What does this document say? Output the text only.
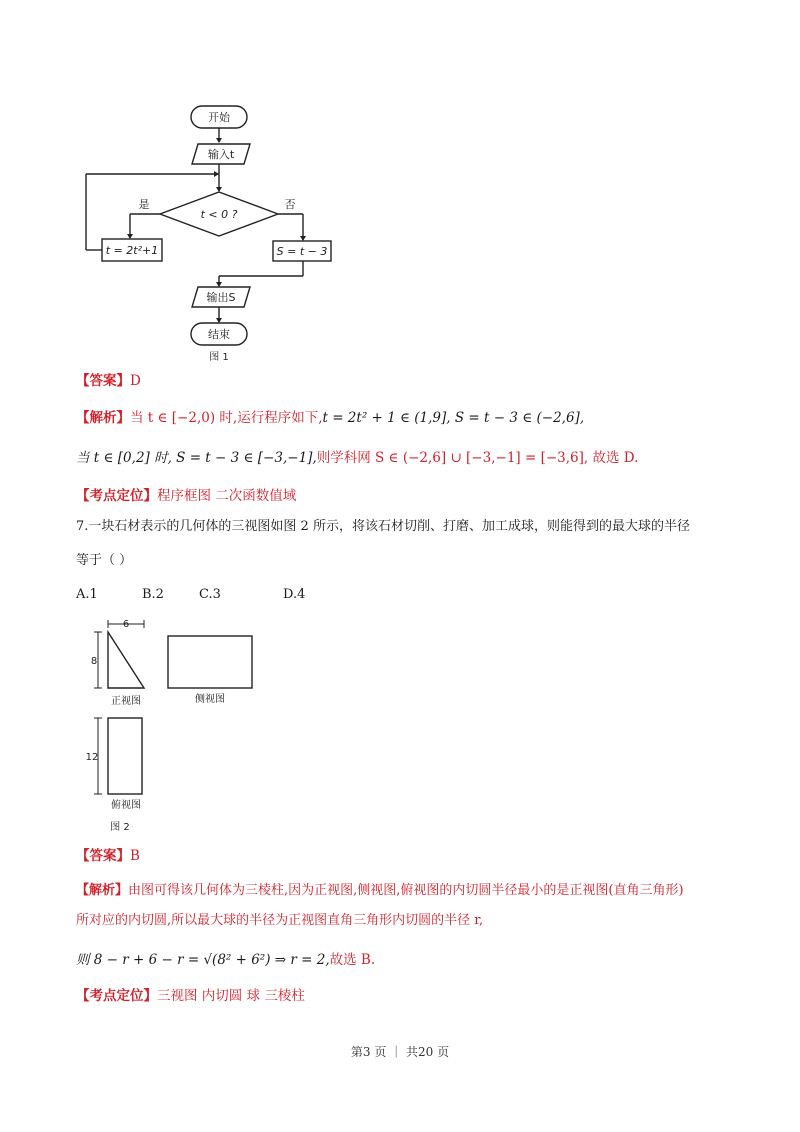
开始
输入t
t < 0 ?
是	否
t = 2t²+1	S = t − 3
输出S
结束
图 1
【答案】D
【解析】当 t ∈ [−2,0) 时,运行程序如下,t = 2t² + 1 ∈ (1,9], S = t − 3 ∈ (−2,6],
当 t ∈ [0,2] 时, S = t − 3 ∈ [−3,−1],则学科网 S ∈ (−2,6] ∪ [−3,−1] = [−3,6], 故选 D.
【考点定位】程序框图 二次函数值域
7.一块石材表示的几何体的三视图如图 2 所示，将该石材切削、打磨、加工成球，则能得到的最大球的半径
等于（ ）
A.1	B.2	C.3	D.4
6
8
正视图	侧视图
12
俯视图
图 2
【答案】B
【解析】由图可得该几何体为三棱柱,因为正视图,侧视图,俯视图的内切圆半径最小的是正视图(直角三角形)
所对应的内切圆,所以最大球的半径为正视图直角三角形内切圆的半径 r,
则 8 − r + 6 − r = √(8² + 6²) ⇒ r = 2,故选 B.
【考点定位】三视图 内切圆 球 三棱柱
第3 页 ｜ 共20 页
